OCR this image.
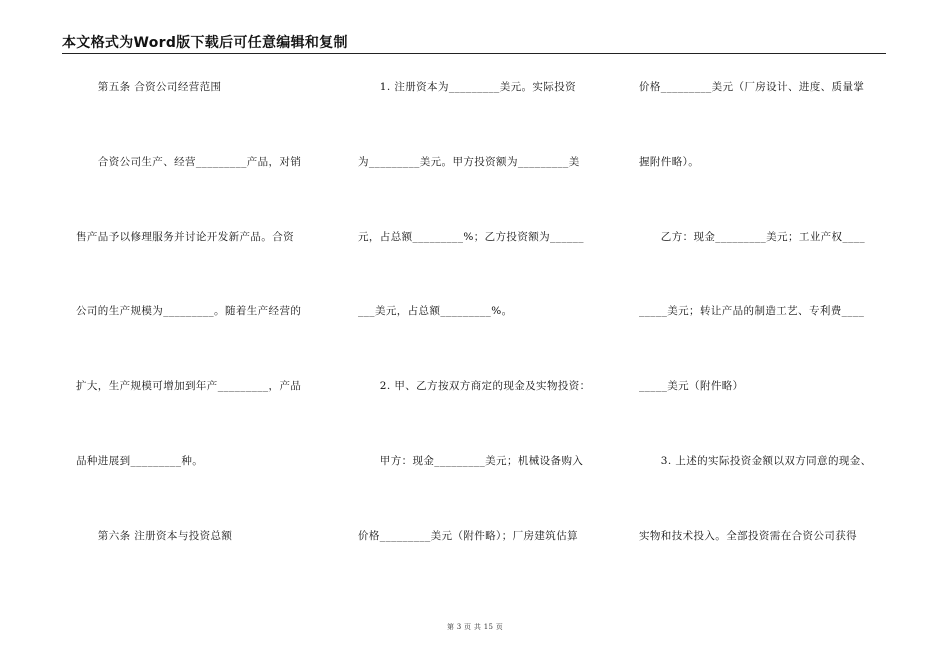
本文格式为Word版下载后可任意编辑和复制
　　第五条 合资公司经营范围
　　合资公司生产、经营_________产品，对销
售产品予以修理服务并讨论开发新产品。合资
公司的生产规模为_________。随着生产经营的
扩大，生产规模可增加到年产_________，产品
品种进展到_________种。
　　第六条 注册资本与投资总额
　　1. 注册资本为_________美元。实际投资
为_________美元。甲方投资额为_________美
元，占总额_________%；乙方投资额为______
___美元，占总额_________%。
　　2. 甲、乙方按双方商定的现金及实物投资：
　　甲方：现金_________美元；机械设备购入
价格_________美元（附件略）；厂房建筑估算
价格_________美元（厂房设计、进度、质量掌
握附件略）。
　　乙方：现金_________美元；工业产权____
_____美元；转让产品的制造工艺、专利费____
_____美元（附件略）
　　3. 上述的实际投资金额以双方同意的现金、
实物和技术投入。全部投资需在合资公司获得
第 3 页 共 15 页
